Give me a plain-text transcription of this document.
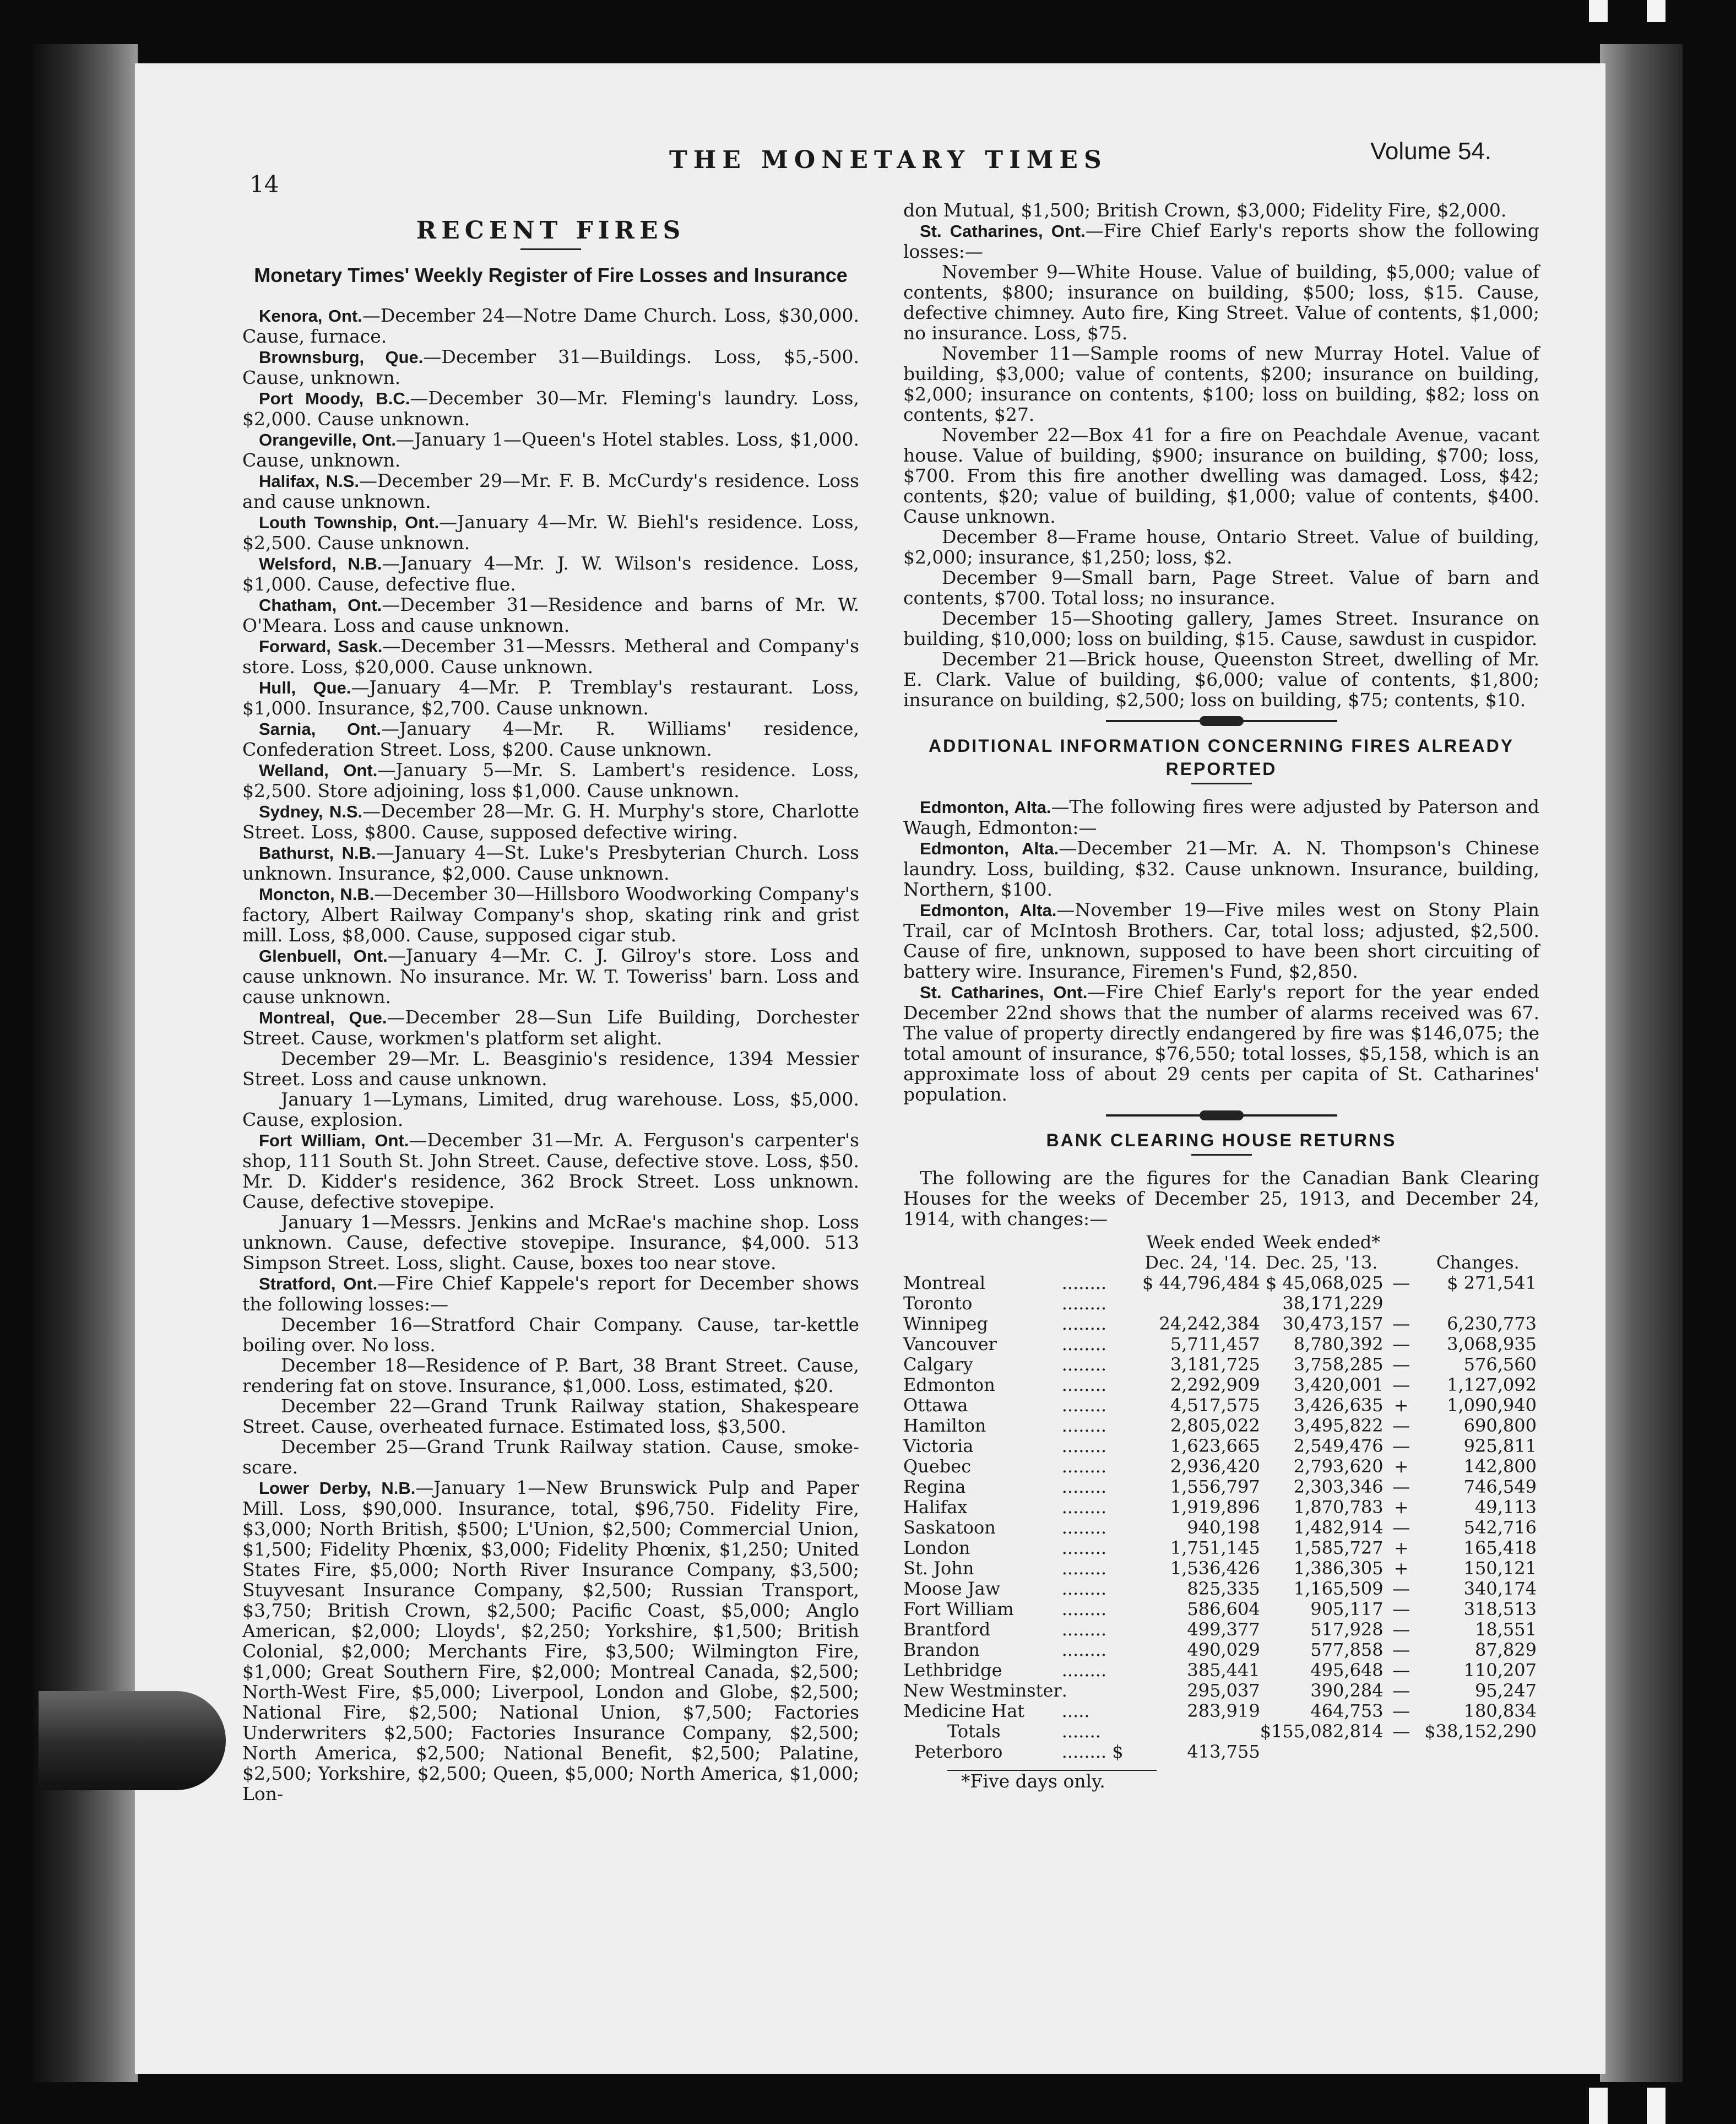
14
THE MONETARY TIMES	Volume 54.

RECENT FIRES

Monetary Times' Weekly Register of Fire Losses and Insurance

Kenora, Ont.—December 24—Notre Dame Church. Loss, $30,000. Cause, furnace.

Brownsburg, Que.—December 31—Buildings. Loss, $5,-500. Cause, unknown.

Port Moody, B.C.—December 30—Mr. Fleming's laundry. Loss, $2,000. Cause unknown.

Orangeville, Ont.—January 1—Queen's Hotel stables. Loss, $1,000. Cause, unknown.

Halifax, N.S.—December 29—Mr. F. B. McCurdy's residence. Loss and cause unknown.

Louth Township, Ont.—January 4—Mr. W. Biehl's residence. Loss, $2,500. Cause unknown.

Welsford, N.B.—January 4—Mr. J. W. Wilson's residence. Loss, $1,000. Cause, defective flue.

Chatham, Ont.—December 31—Residence and barns of Mr. W. O'Meara. Loss and cause unknown.

Forward, Sask.—December 31—Messrs. Metheral and Company's store. Loss, $20,000. Cause unknown.

Hull, Que.—January 4—Mr. P. Tremblay's restaurant. Loss, $1,000. Insurance, $2,700. Cause unknown.

Sarnia, Ont.—January 4—Mr. R. Williams' residence, Confederation Street. Loss, $200. Cause unknown.

Welland, Ont.—January 5—Mr. S. Lambert's residence. Loss, $2,500. Store adjoining, loss $1,000. Cause unknown.

Sydney, N.S.—December 28—Mr. G. H. Murphy's store, Charlotte Street. Loss, $800. Cause, supposed defective wiring.

Bathurst, N.B.—January 4—St. Luke's Presbyterian Church. Loss unknown. Insurance, $2,000. Cause unknown.

Moncton, N.B.—December 30—Hillsboro Woodworking Company's factory, Albert Railway Company's shop, skating rink and grist mill. Loss, $8,000. Cause, supposed cigar stub.

Glenbuell, Ont.—January 4—Mr. C. J. Gilroy's store. Loss and cause unknown. No insurance. Mr. W. T. Toweriss' barn. Loss and cause unknown.

Montreal, Que.—December 28—Sun Life Building, Dorchester Street. Cause, workmen's platform set alight.

December 29—Mr. L. Beasginio's residence, 1394 Messier Street. Loss and cause unknown.

January 1—Lymans, Limited, drug warehouse. Loss, $5,000. Cause, explosion.

Fort William, Ont.—December 31—Mr. A. Ferguson's carpenter's shop, 111 South St. John Street. Cause, defective stove. Loss, $50. Mr. D. Kidder's residence, 362 Brock Street. Loss unknown. Cause, defective stovepipe.

January 1—Messrs. Jenkins and McRae's machine shop. Loss unknown. Cause, defective stovepipe. Insurance, $4,000. 513 Simpson Street. Loss, slight. Cause, boxes too near stove.

Stratford, Ont.—Fire Chief Kappele's report for December shows the following losses:—

December 16—Stratford Chair Company. Cause, tar-kettle boiling over. No loss.

December 18—Residence of P. Bart, 38 Brant Street. Cause, rendering fat on stove. Insurance, $1,000. Loss, estimated, $20.

December 22—Grand Trunk Railway station, Shakespeare Street. Cause, overheated furnace. Estimated loss, $3,500.

December 25—Grand Trunk Railway station. Cause, smoke-scare.

Lower Derby, N.B.—January 1—New Brunswick Pulp and Paper Mill. Loss, $90,000. Insurance, total, $96,750. Fidelity Fire, $3,000; North British, $500; L'Union, $2,500; Commercial Union, $1,500; Fidelity Phœnix, $3,000; Fidelity Phœnix, $1,250; United States Fire, $5,000; North River Insurance Company, $3,500; Stuyvesant Insurance Company, $2,500; Russian Transport, $3,750; British Crown, $2,500; Pacific Coast, $5,000; Anglo American, $2,000; Lloyds', $2,250; Yorkshire, $1,500; British Colonial, $2,000; Merchants Fire, $3,500; Wilmington Fire, $1,000; Great Southern Fire, $2,000; Montreal Canada, $2,500; North-West Fire, $5,000; Liverpool, London and Globe, $2,500; National Fire, $2,500; National Union, $7,500; Factories Underwriters $2,500; Factories Insurance Company, $2,500; North America, $2,500; National Benefit, $2,500; Palatine, $2,500; Yorkshire, $2,500; Queen, $5,000; North America, $1,000; Lon-

don Mutual, $1,500; British Crown, $3,000; Fidelity Fire, $2,000.

St. Catharines, Ont.—Fire Chief Early's reports show the following losses:—

November 9—White House. Value of building, $5,000; value of contents, $800; insurance on building, $500; loss, $15. Cause, defective chimney. Auto fire, King Street. Value of contents, $1,000; no insurance. Loss, $75.

November 11—Sample rooms of new Murray Hotel. Value of building, $3,000; value of contents, $200; insurance on building, $2,000; insurance on contents, $100; loss on building, $82; loss on contents, $27.

November 22—Box 41 for a fire on Peachdale Avenue, vacant house. Value of building, $900; insurance on building, $700; loss, $700. From this fire another dwelling was damaged. Loss, $42; contents, $20; value of building, $1,000; value of contents, $400. Cause unknown.

December 8—Frame house, Ontario Street. Value of building, $2,000; insurance, $1,250; loss, $2.

December 9—Small barn, Page Street. Value of barn and contents, $700. Total loss; no insurance.

December 15—Shooting gallery, James Street. Insurance on building, $10,000; loss on building, $15. Cause, sawdust in cuspidor.

December 21—Brick house, Queenston Street, dwelling of Mr. E. Clark. Value of building, $6,000; value of contents, $1,800; insurance on building, $2,500; loss on building, $75; contents, $10.

ADDITIONAL INFORMATION CONCERNING FIRES ALREADY REPORTED

Edmonton, Alta.—The following fires were adjusted by Paterson and Waugh, Edmonton:—

Edmonton, Alta.—December 21—Mr. A. N. Thompson's Chinese laundry. Loss, building, $32. Cause unknown. Insurance, building, Northern, $100.

Edmonton, Alta.—November 19—Five miles west on Stony Plain Trail, car of McIntosh Brothers. Car, total loss; adjusted, $2,500. Cause of fire, unknown, supposed to have been short circuiting of battery wire. Insurance, Firemen's Fund, $2,850.

St. Catharines, Ont.—Fire Chief Early's report for the year ended December 22nd shows that the number of alarms received was 67. The value of property directly endangered by fire was $146,075; the total amount of insurance, $76,550; total losses, $5,158, which is an approximate loss of about 29 cents per capita of St. Catharines' population.

BANK CLEARING HOUSE RETURNS

The following are the figures for the Canadian Bank Clearing Houses for the weeks of December 25, 1913, and December 24, 1914, with changes:—

		Week ended	Week ended*		
		Dec. 24, '14.	Dec. 25, '13.		Changes.
Montreal	........	$ 44,796,484	$ 45,068,025	—	$ 271,541
Toronto	........		38,171,229		
Winnipeg	........	24,242,384	30,473,157	—	6,230,773
Vancouver	........	5,711,457	8,780,392	—	3,068,935
Calgary	........	3,181,725	3,758,285	—	576,560
Edmonton	........	2,292,909	3,420,001	—	1,127,092
Ottawa	........	4,517,575	3,426,635	+	1,090,940
Hamilton	........	2,805,022	3,495,822	—	690,800
Victoria	........	1,623,665	2,549,476	—	925,811
Quebec	........	2,936,420	2,793,620	+	142,800
Regina	........	1,556,797	2,303,346	—	746,549
Halifax	........	1,919,896	1,870,783	+	49,113
Saskatoon	........	940,198	1,482,914	—	542,716
London	........	1,751,145	1,585,727	+	165,418
St. John	........	1,536,426	1,386,305	+	150,121
Moose Jaw	........	825,335	1,165,509	—	340,174
Fort William	........	586,604	905,117	—	318,513
Brantford	........	499,377	517,928	—	18,551
Brandon	........	490,029	577,858	—	87,829
Lethbridge	........	385,441	495,648	—	110,207
New Westminster	.	295,037	390,284	—	95,247
Medicine Hat	.....	283,919	464,753	—	180,834
Totals	.......		$155,082,814	—	$38,152,290
Peterboro	........ $	413,755			

*Five days only.
